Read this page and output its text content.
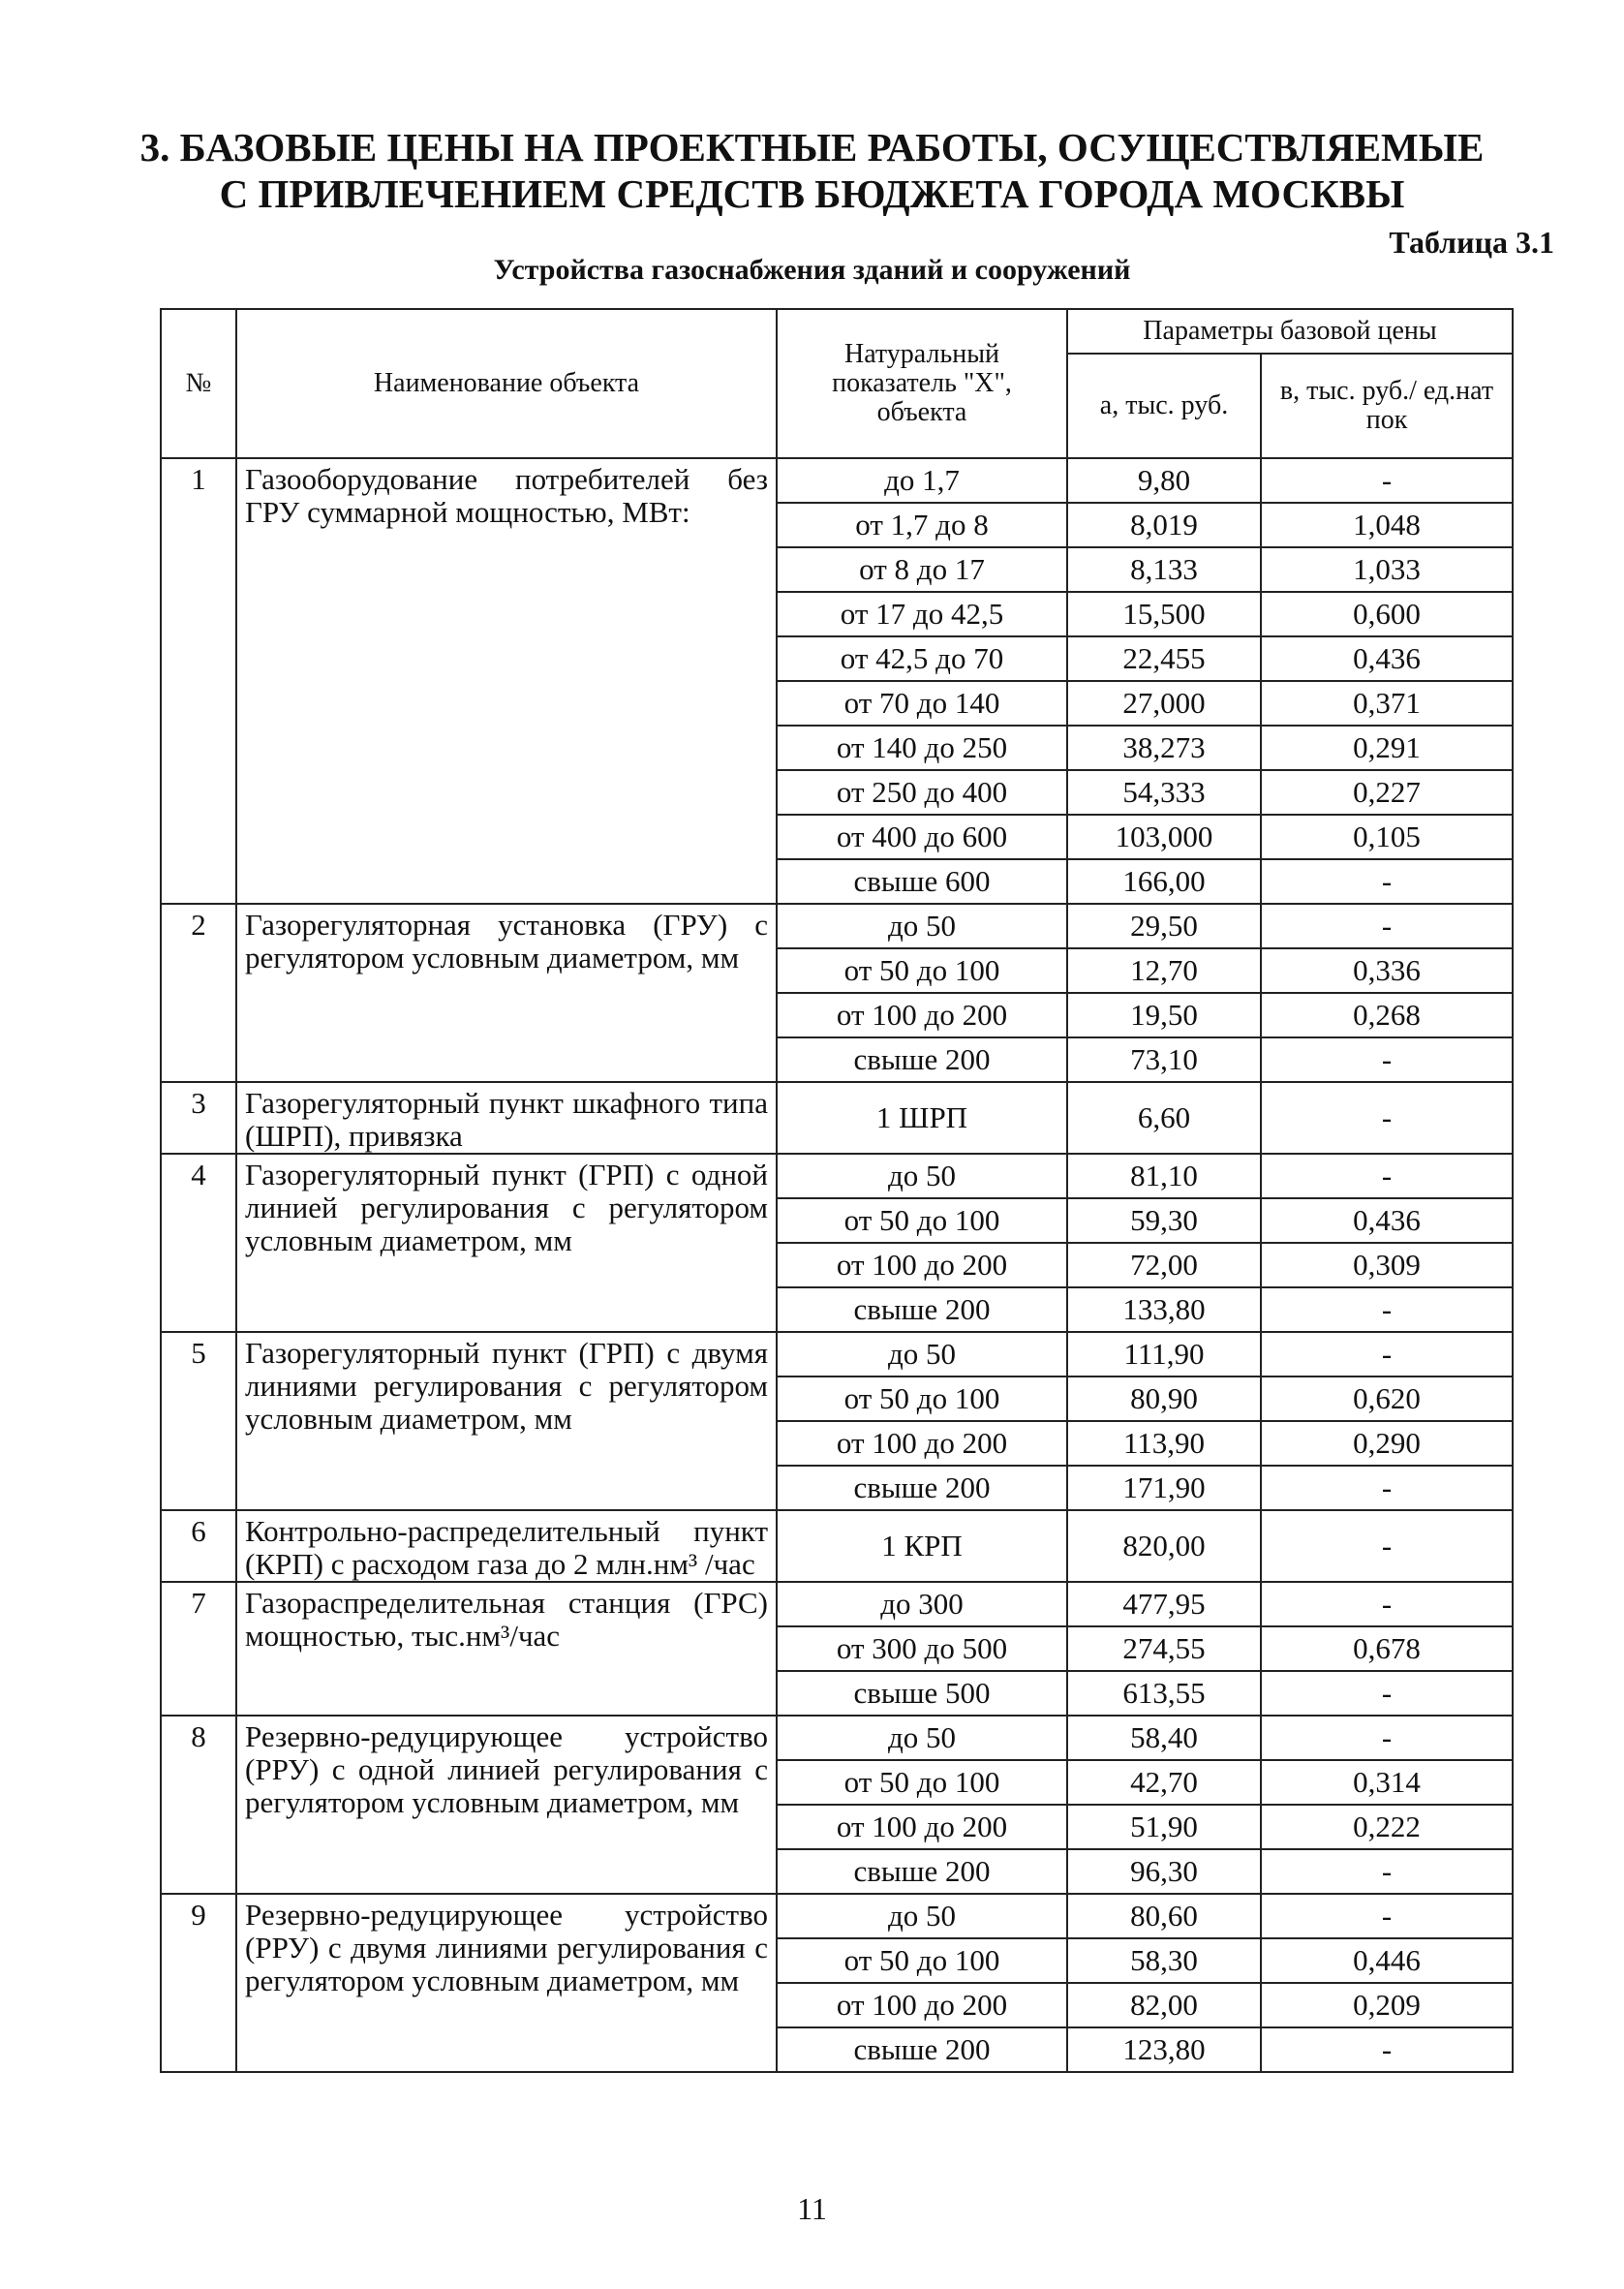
3. БАЗОВЫЕ ЦЕНЫ НА ПРОЕКТНЫЕ РАБОТЫ, ОСУЩЕСТВЛЯЕМЫЕ
С ПРИВЛЕЧЕНИЕМ СРЕДСТВ БЮДЖЕТА ГОРОДА МОСКВЫ
Таблица 3.1
Устройства газоснабжения зданий и сооружений
№	Наименование объекта	Натуральный показатель "Х", объекта	Параметры базовой цены	
			а, тыс. руб.	в, тыс. руб./ ед.нат пок
1	Газооборудование потребителей без ГРУ суммарной мощностью, МВт:	до 1,7	9,80	-
		от 1,7 до 8	8,019	1,048
		от 8 до 17	8,133	1,033
		от 17 до 42,5	15,500	0,600
		от 42,5 до 70	22,455	0,436
		от 70 до 140	27,000	0,371
		от 140 до 250	38,273	0,291
		от 250 до 400	54,333	0,227
		от 400 до 600	103,000	0,105
		свыше 600	166,00	-
2	Газорегуляторная установка (ГРУ) с регулятором условным диаметром, мм	до 50	29,50	-
		от 50 до 100	12,70	0,336
		от 100 до 200	19,50	0,268
		свыше 200	73,10	-
3	Газорегуляторный пункт шкафного типа (ШРП), привязка	1 ШРП	6,60	-
4	Газорегуляторный пункт (ГРП) с одной линией регулирования с регулятором условным диаметром, мм	до 50	81,10	-
		от 50 до 100	59,30	0,436
		от 100 до 200	72,00	0,309
		свыше 200	133,80	-
5	Газорегуляторный пункт (ГРП) с двумя линиями регулирования с регулятором условным диаметром, мм	до 50	111,90	-
		от 50 до 100	80,90	0,620
		от 100 до 200	113,90	0,290
		свыше 200	171,90	-
6	Контрольно-распределительный пункт (КРП) с расходом газа до 2 млн.нм³ /час	1 КРП	820,00	-
7	Газораспределительная станция (ГРС) мощностью, тыс.нм³/час	до 300	477,95	-
		от 300 до 500	274,55	0,678
		свыше 500	613,55	-
8	Резервно-редуцирующее устройство (РРУ) с одной линией регулирования с регулятором условным диаметром, мм	до 50	58,40	-
		от 50 до 100	42,70	0,314
		от 100 до 200	51,90	0,222
		свыше 200	96,30	-
9	Резервно-редуцирующее устройство (РРУ) с двумя линиями регулирования с регулятором условным диаметром, мм	до 50	80,60	-
		от 50 до 100	58,30	0,446
		от 100 до 200	82,00	0,209
		свыше 200	123,80	-
11
